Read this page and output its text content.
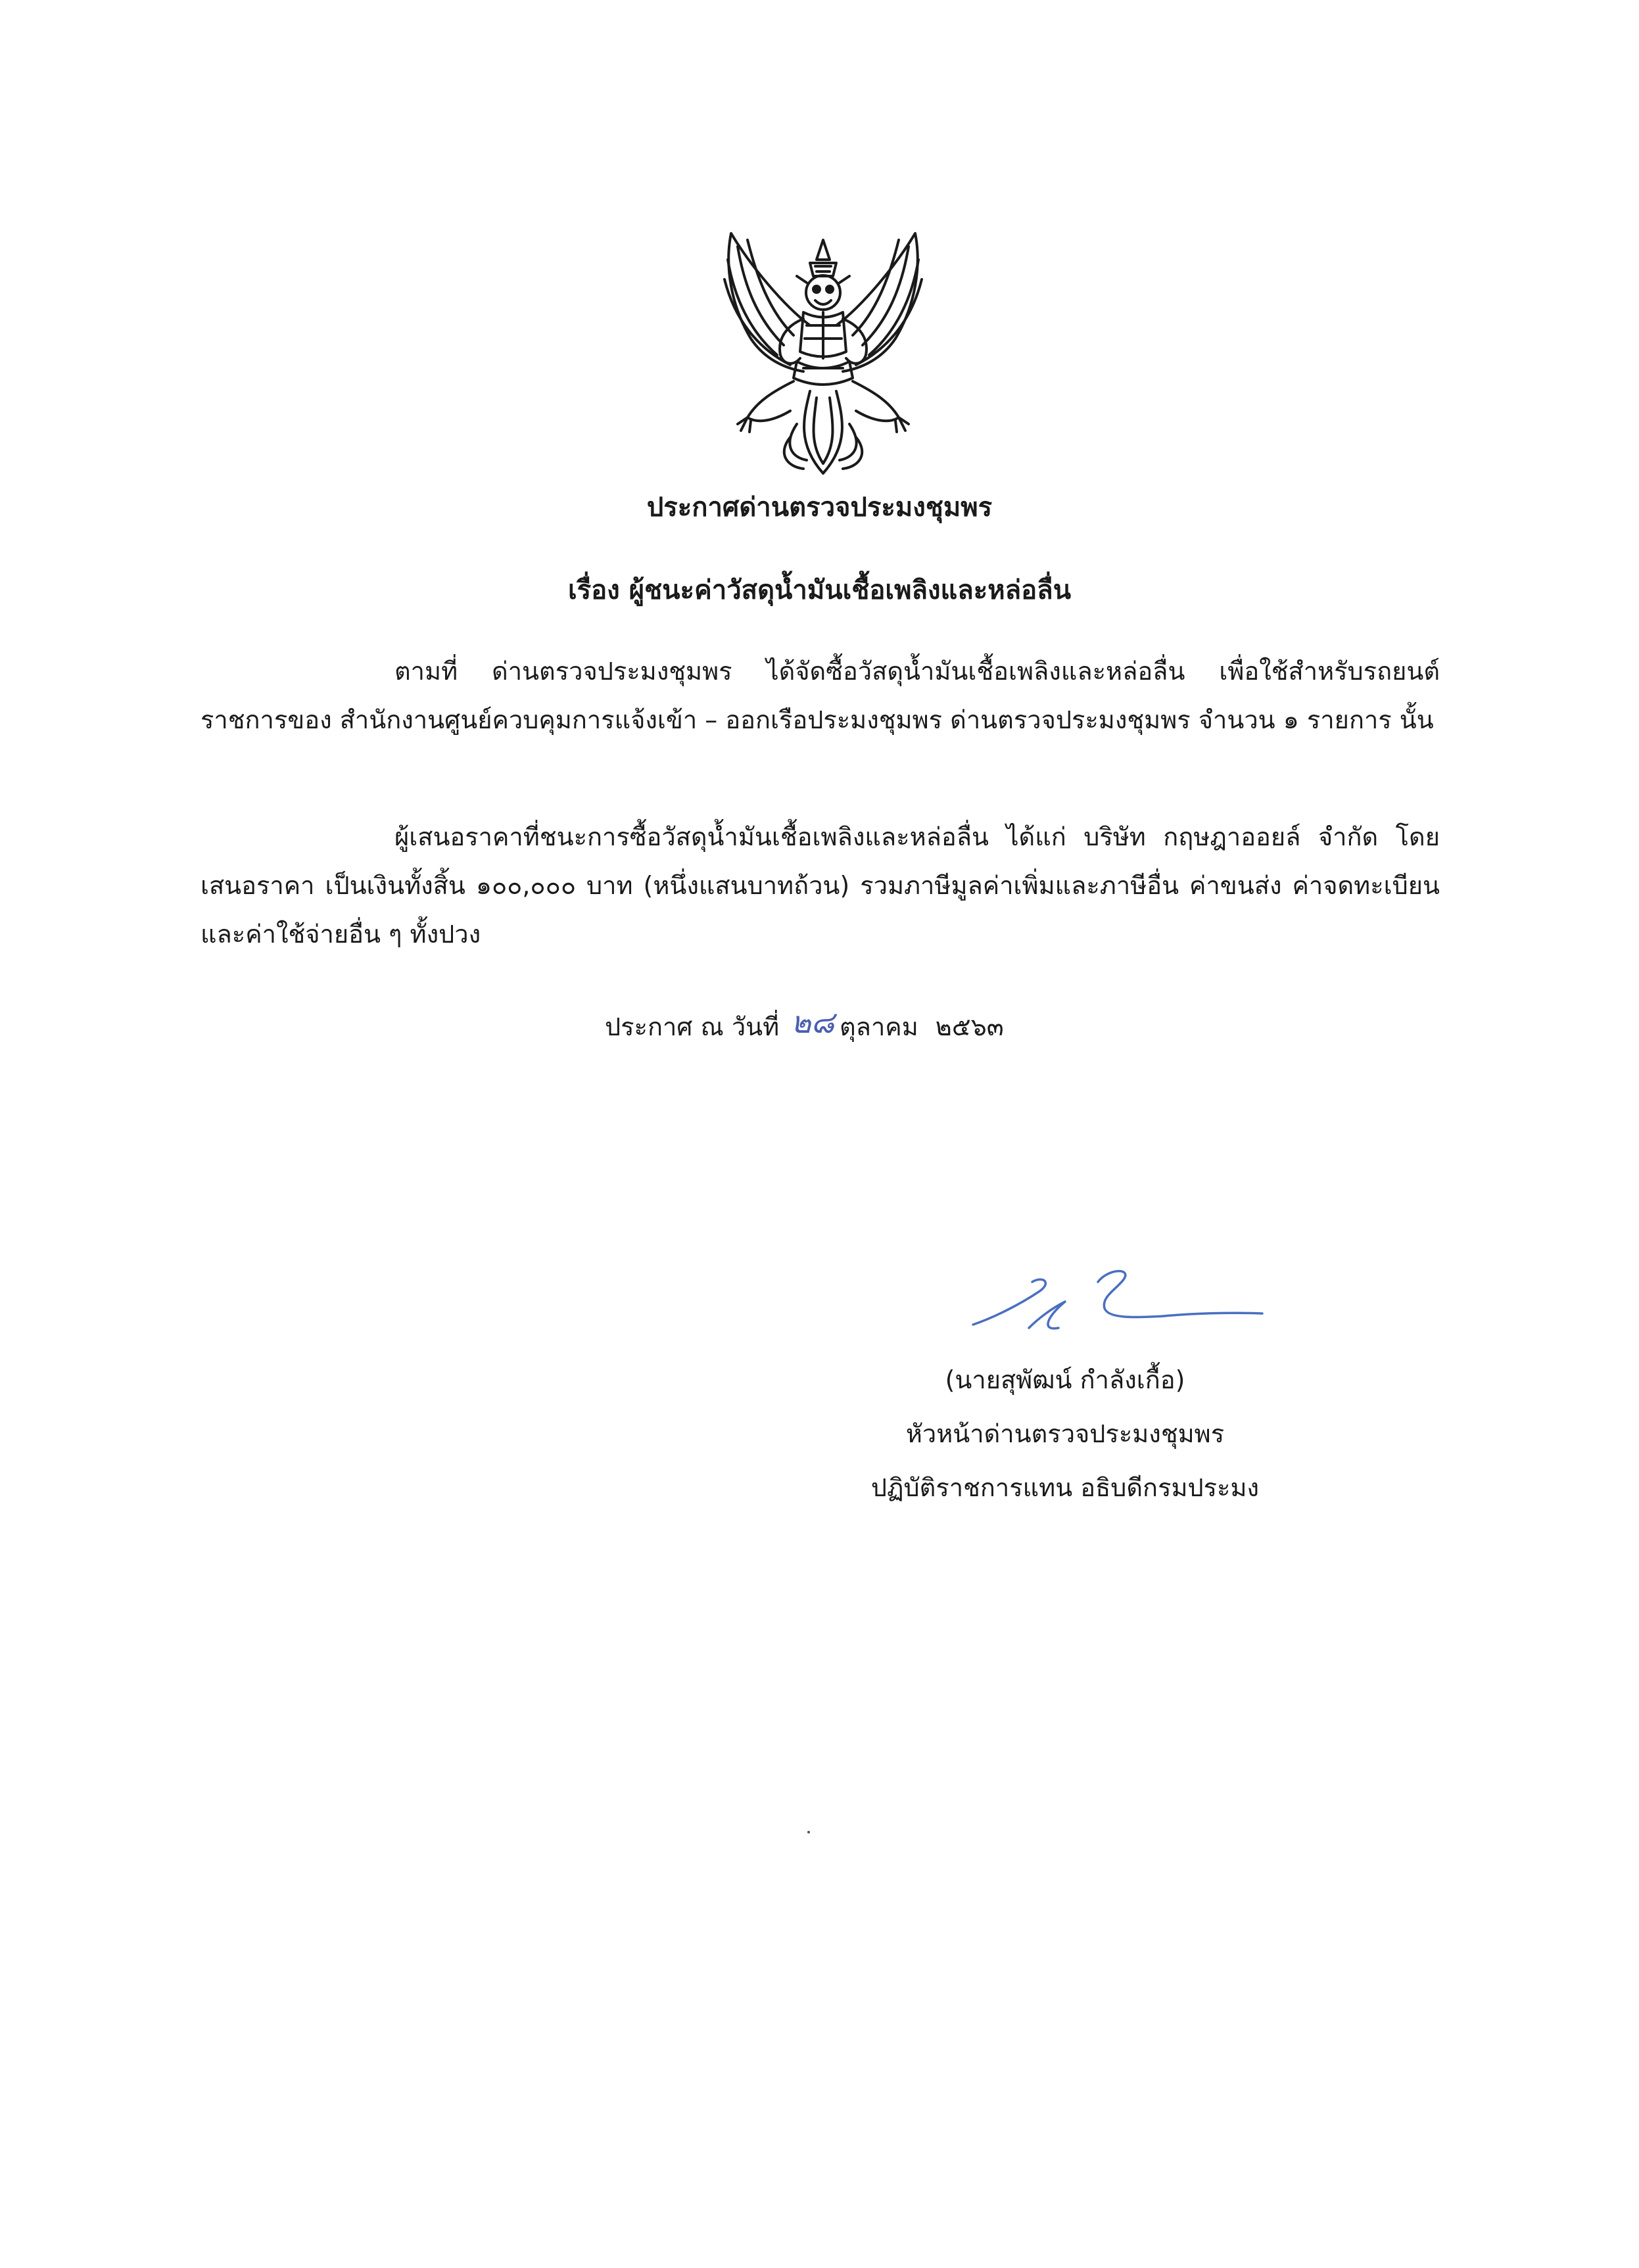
ประกาศด่านตรวจประมงชุมพร
เรื่อง ผู้ชนะค่าวัสดุน้ำมันเชื้อเพลิงและหล่อลื่น

ตามที่ ด่านตรวจประมงชุมพร ได้จัดซื้อวัสดุน้ำมันเชื้อเพลิงและหล่อลื่น เพื่อใช้สำหรับรถยนต์ราชการของ สำนักงานศูนย์ควบคุมการแจ้งเข้า – ออกเรือประมงชุมพร ด่านตรวจประมงชุมพร จำนวน ๑ รายการ นั้น

ผู้เสนอราคาที่ชนะการซื้อวัสดุน้ำมันเชื้อเพลิงและหล่อลื่น ได้แก่ บริษัท กฤษฎาออยล์ จำกัด โดยเสนอราคา เป็นเงินทั้งสิ้น ๑๐๐,๐๐๐ บาท (หนึ่งแสนบาทถ้วน) รวมภาษีมูลค่าเพิ่มและภาษีอื่น ค่าขนส่ง ค่าจดทะเบียน และค่าใช้จ่ายอื่น ๆ ทั้งปวง

ประกาศ ณ วันที่ ๒๘ ตุลาคม ๒๕๖๓
(นายสุพัฒน์ กำลังเกื้อ)
หัวหน้าด่านตรวจประมงชุมพร
ปฏิบัติราชการแทน อธิบดีกรมประมง
